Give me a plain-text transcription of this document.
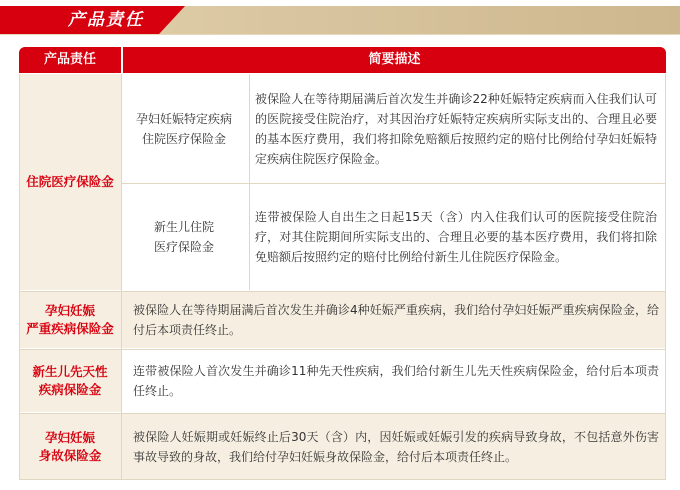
产品责任
产品责任	简要描述
住院医疗保险金
孕妇妊娠特定疾病
住院医疗保险金
被保险人在等待期届满后首次发生并确诊22种妊娠特定疾病而入住我们认可的医院接受住院治疗，对其因治疗妊娠特定疾病所实际支出的、合理且必要的基本医疗费用，我们将扣除免赔额后按照约定的赔付比例给付孕妇妊娠特定疾病住院医疗保险金。
新生儿住院
医疗保险金
连带被保险人自出生之日起15天（含）内入住我们认可的医院接受住院治疗，对其住院期间所实际支出的、合理且必要的基本医疗费用，我们将扣除免赔额后按照约定的赔付比例给付新生儿住院医疗保险金。
孕妇妊娠
严重疾病保险金
被保险人在等待期届满后首次发生并确诊4种妊娠严重疾病，我们给付孕妇妊娠严重疾病保险金，给付后本项责任终止。
新生儿先天性
疾病保险金
连带被保险人首次发生并确诊11种先天性疾病，我们给付新生儿先天性疾病保险金，给付后本项责任终止。
孕妇妊娠
身故保险金
被保险人妊娠期或妊娠终止后30天（含）内，因妊娠或妊娠引发的疾病导致身故，不包括意外伤害事故导致的身故，我们给付孕妇妊娠身故保险金，给付后本项责任终止。
